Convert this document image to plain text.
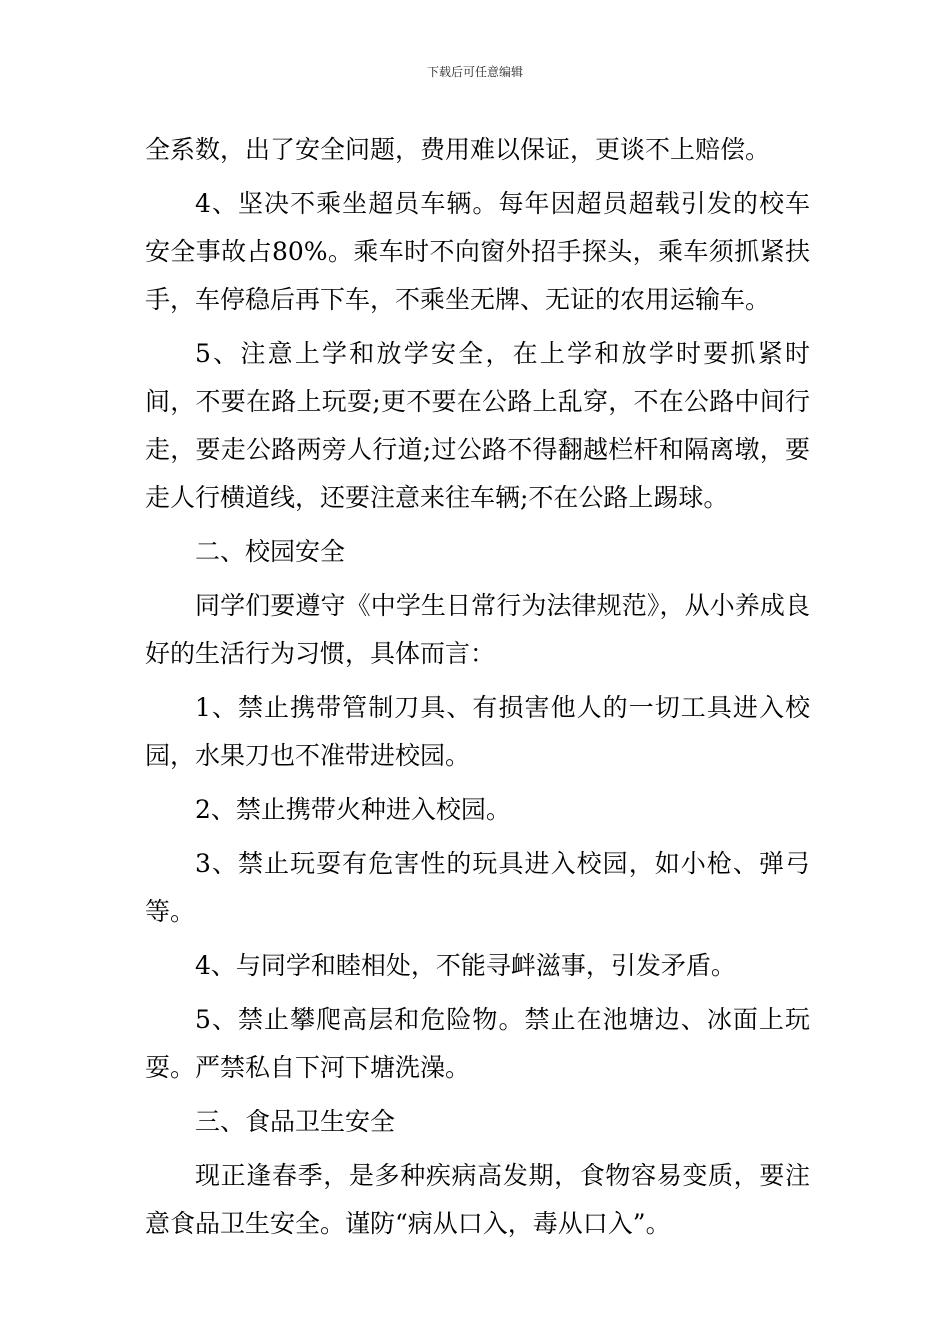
下载后可任意编辑

全系数，出了安全问题，费用难以保证，更谈不上赔偿。

4、坚决不乘坐超员车辆。每年因超员超载引发的校车安全事故占80%。乘车时不向窗外招手探头，乘车须抓紧扶手，车停稳后再下车，不乘坐无牌、无证的农用运输车。

5、注意上学和放学安全，在上学和放学时要抓紧时间，不要在路上玩耍;更不要在公路上乱穿，不在公路中间行走，要走公路两旁人行道;过公路不得翻越栏杆和隔离墩，要走人行横道线，还要注意来往车辆;不在公路上踢球。

二、校园安全

同学们要遵守《中学生日常行为法律规范》，从小养成良好的生活行为习惯，具体而言：

1、禁止携带管制刀具、有损害他人的一切工具进入校园，水果刀也不准带进校园。

2、禁止携带火种进入校园。

3、禁止玩耍有危害性的玩具进入校园，如小枪、弹弓等。

4、与同学和睦相处，不能寻衅滋事，引发矛盾。

5、禁止攀爬高层和危险物。禁止在池塘边、冰面上玩耍。严禁私自下河下塘洗澡。

三、食品卫生安全

现正逢春季，是多种疾病高发期，食物容易变质，要注意食品卫生安全。谨防“病从口入，毒从口入”。
